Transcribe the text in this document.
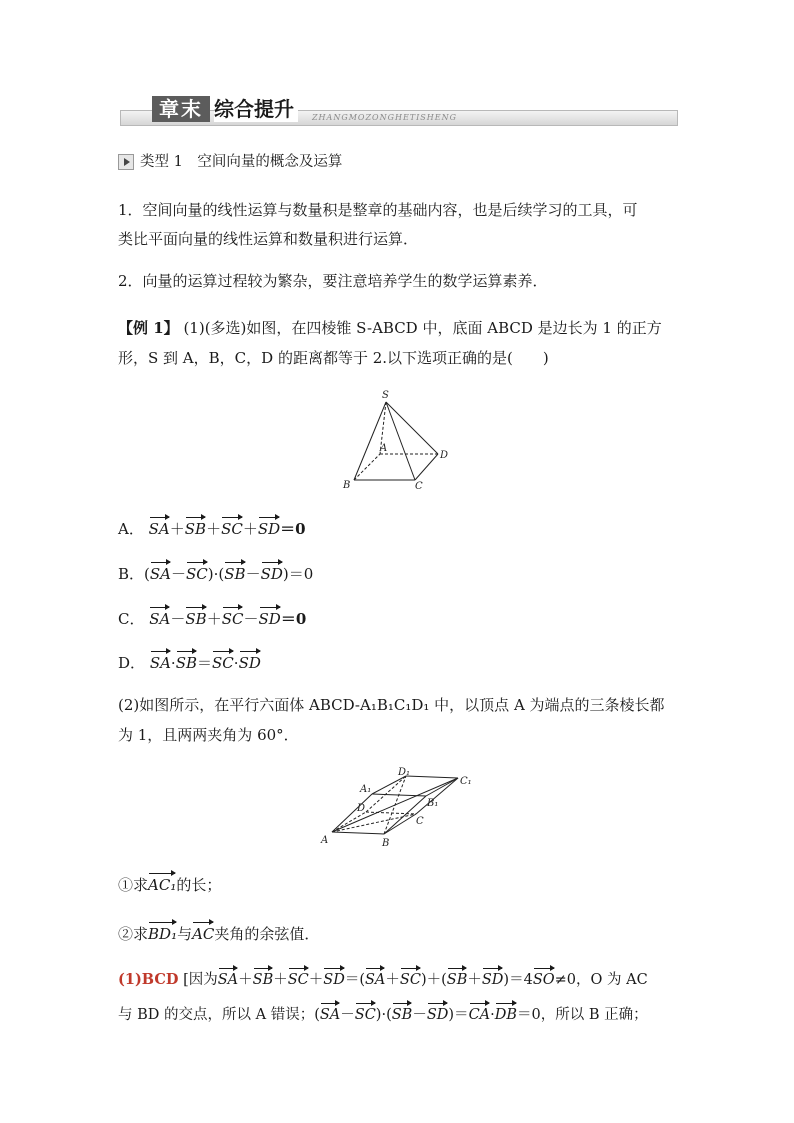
章末 综合提升	ZHANGMOZONGHETISHENG
类型 1　空间向量的概念及运算
1．空间向量的线性运算与数量积是整章的基础内容，也是后续学习的工具，可
类比平面向量的线性运算和数量积进行运算．
2．向量的运算过程较为繁杂，要注意培养学生的数学运算素养．
【例 1】 (1)(多选)如图，在四棱锥 S-ABCD 中，底面 ABCD 是边长为 1 的正方
形，S 到 A，B，C，D 的距离都等于 2.以下选项正确的是(　　)
S
A
B	C
D
A． SA＋SB＋SC＋SD＝0
B．(SA－SC)·(SB－SD)＝0
C． SA－SB＋SC－SD＝0
D． SA·SB＝SC·SD
(2)如图所示，在平行六面体 ABCD-A₁B₁C₁D₁ 中，以顶点 A 为端点的三条棱长都
为 1，且两两夹角为 60°．
A	B
C
D
A₁
B₁
C₁
D₁
①求AC₁的长；
②求BD₁与AC夹角的余弦值．
(1)BCD [因为SA＋SB＋SC＋SD＝(SA＋SC)＋(SB＋SD)＝4SO≠0，O 为 AC
与 BD 的交点，所以 A 错误；(SA－SC)·(SB－SD)＝CA·DB＝0，所以 B 正确；
